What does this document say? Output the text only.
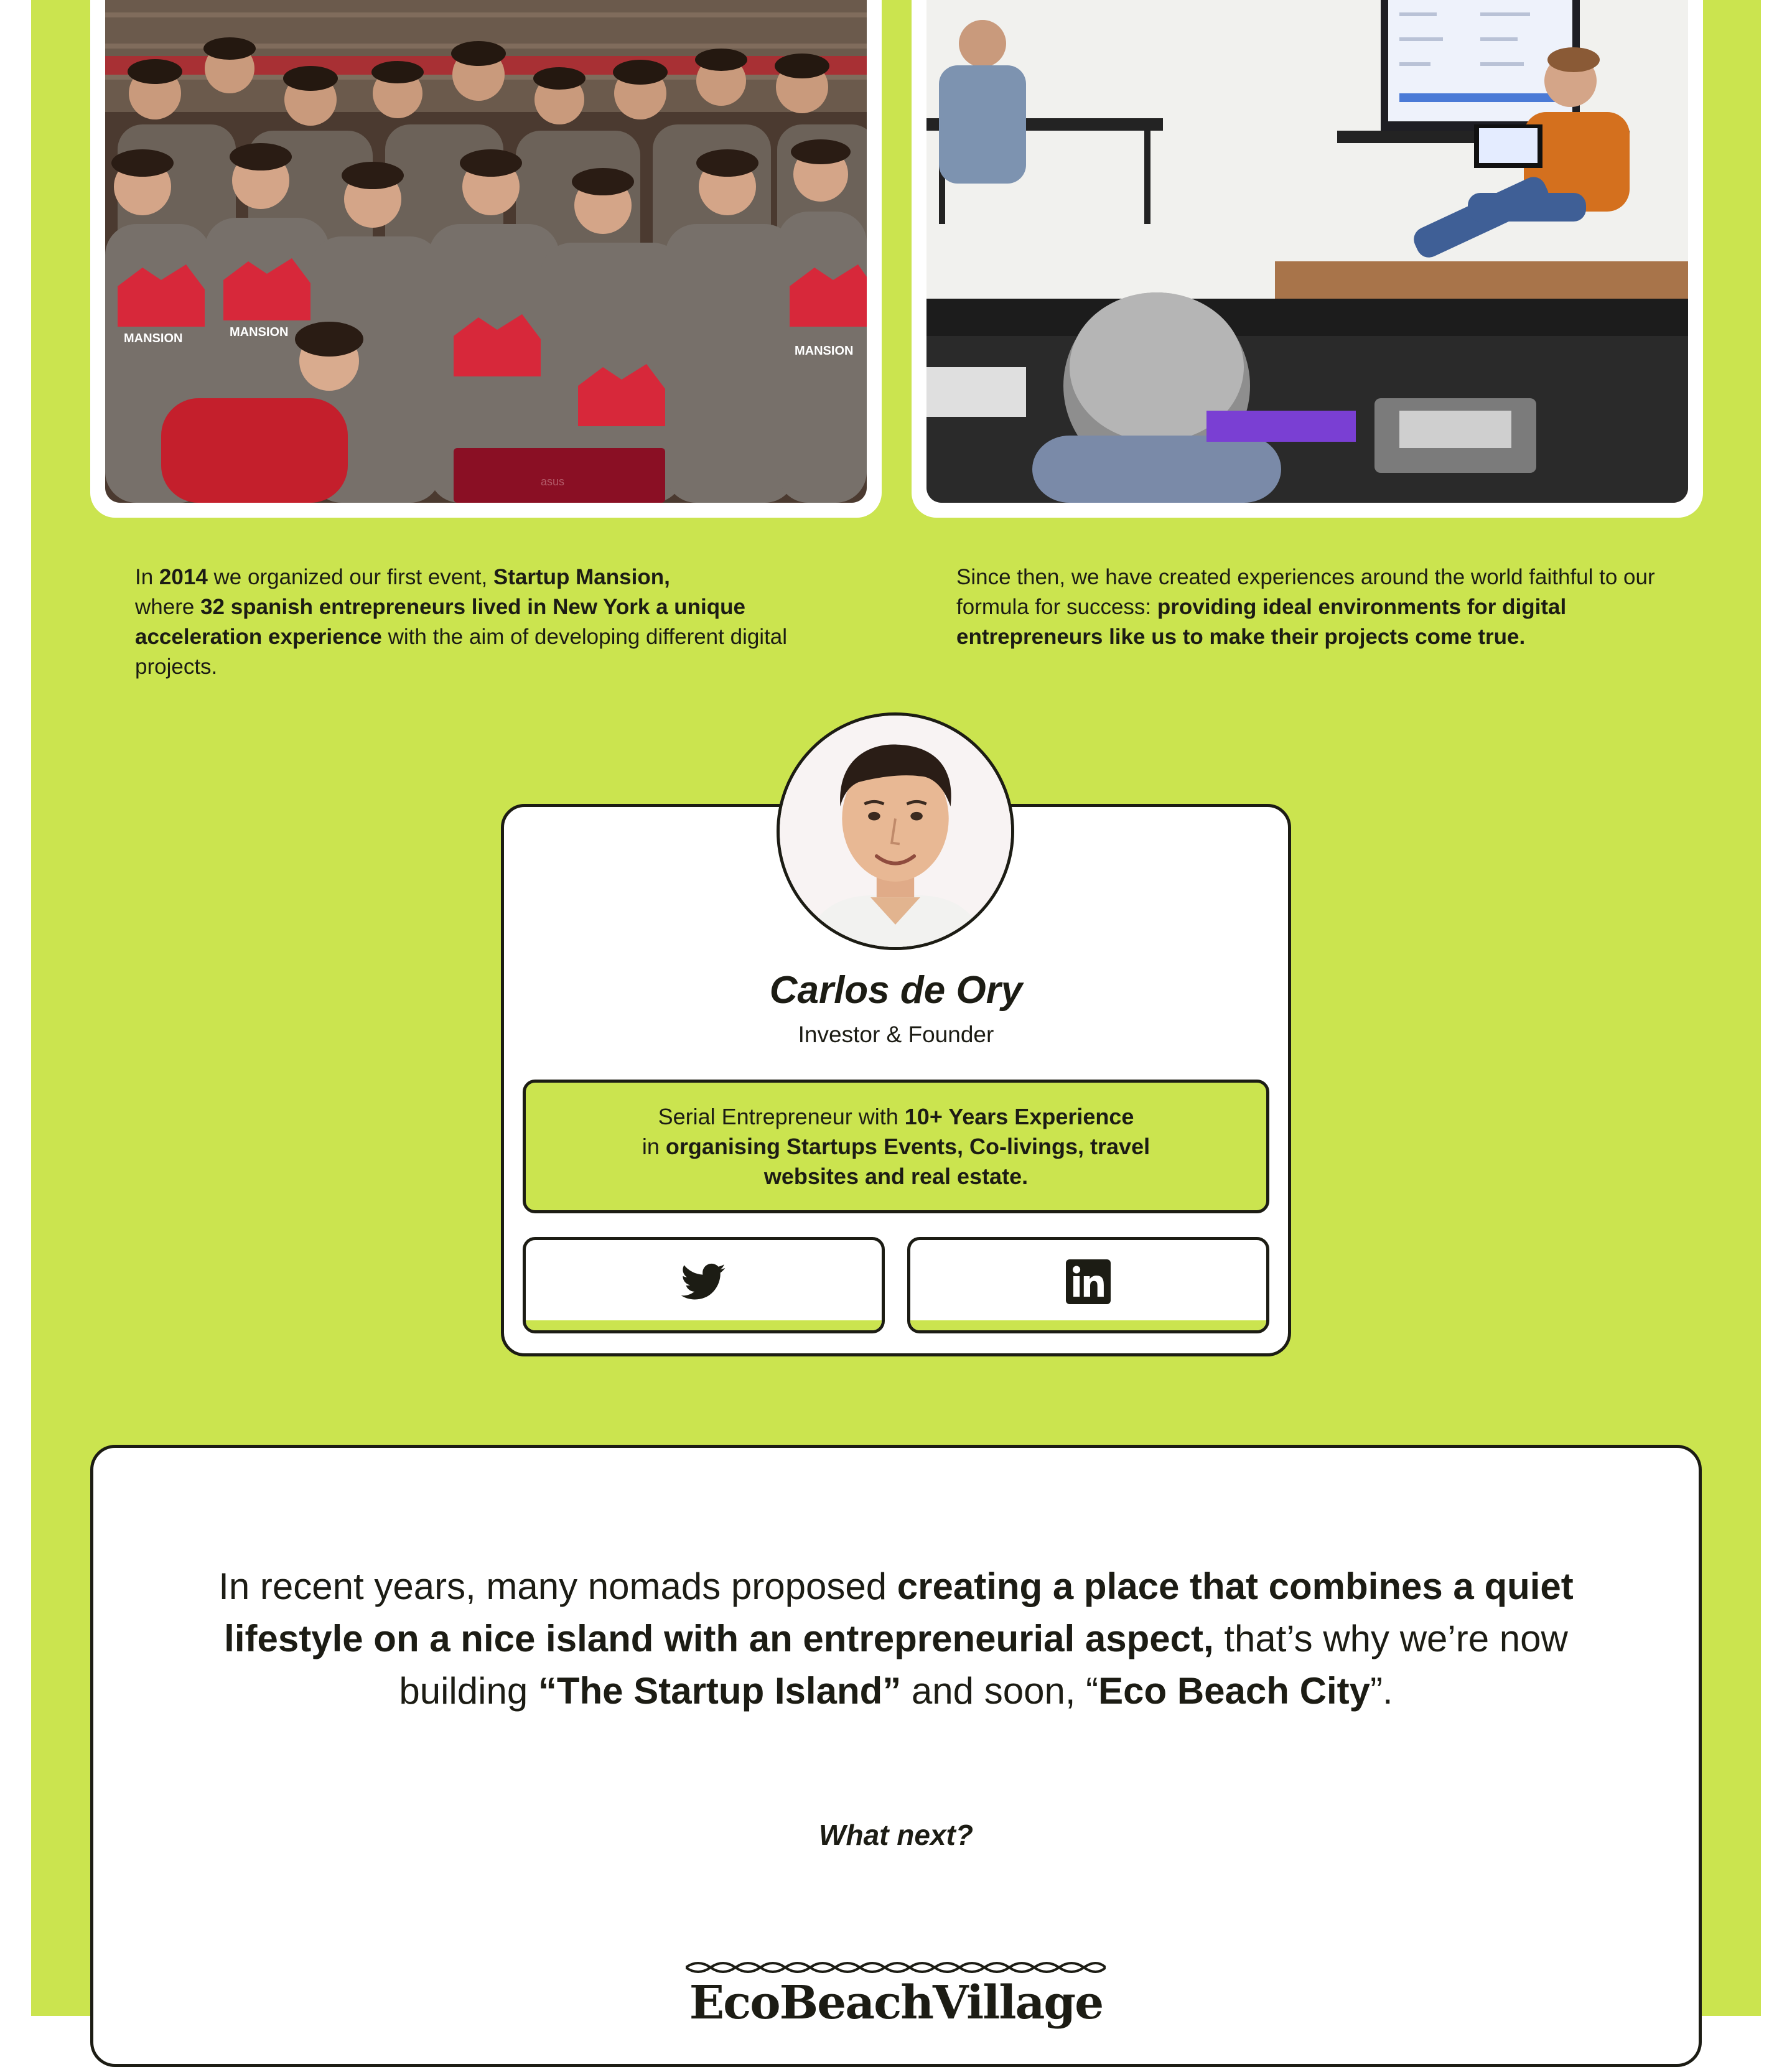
MANSION	MANSION
MANSION
asus
In 2014 we organized our first event, Startup Mansion,
where 32 spanish entrepreneurs lived in New York a unique acceleration experience with the aim of developing different digital projects.
Since then, we have created experiences around the world faithful to our formula for success: providing ideal environments for digital entrepreneurs like us to make their projects come true.
Carlos de Ory
Investor & Founder
Serial Entrepreneur with 10+ Years Experience
in organising Startups Events, Co-livings, travel websites and real estate.
In recent years, many nomads proposed creating a place that combines a quiet lifestyle on a nice island with an entrepreneurial aspect, that’s why we’re now building “The Startup Island” and soon, “Eco Beach City”.
What next?
EcoBeachVillage
